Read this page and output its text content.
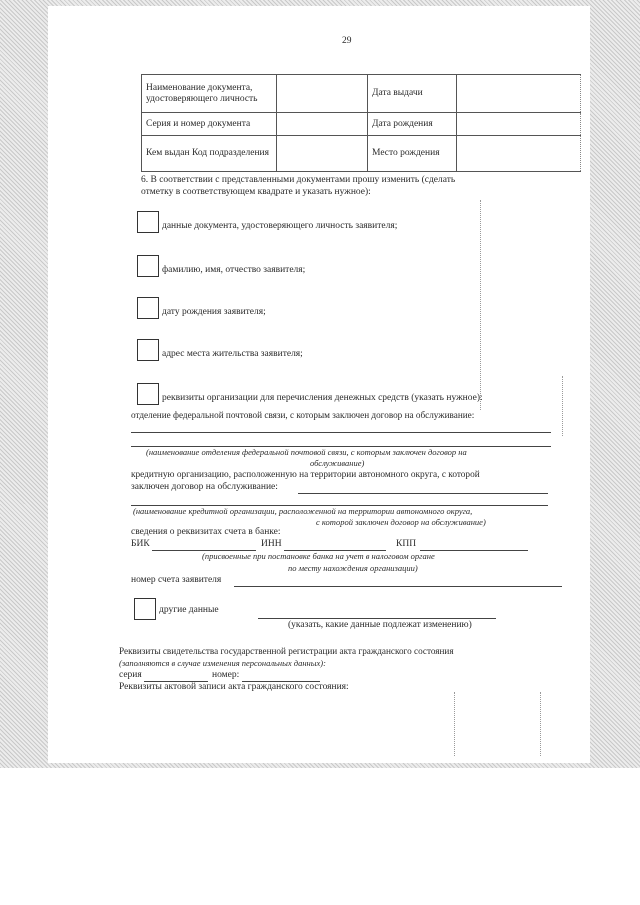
29
Наименование документа, удостоверяющего личность		Дата выдачи	
Серия и номер документа		Дата рождения	
Кем выдан Код подразделения		Место рождения	
6. В соответствии с представленными документами прошу изменить (сделать
отметку в соответствующем квадрате и указать нужное):
данные документа, удостоверяющего личность заявителя;
фамилию, имя, отчество заявителя;
дату рождения заявителя;
адрес места жительства заявителя;
реквизиты организации для перечисления денежных средств (указать нужное):
отделение федеральной почтовой связи, с которым заключен договор на обслуживание:
(наименование отделения федеральной почтовой связи, с которым заключен договор на
обслуживание)
кредитную организацию, расположенную на территории автономного округа, с которой
заключен договор на обслуживание:
(наименование кредитной организации, расположенной на территории автономного округа,
с которой заключен договор на обслуживание)
сведения о реквизитах счета в банке:
БИК	ИНН	КПП
(присвоенные при постановке банка на учет в налоговом органе
по месту нахождения организации)
номер счета заявителя
другие данные
(указать, какие данные подлежат изменению)
Реквизиты свидетельства государственной регистрации акта гражданского состояния
(заполняются в случае изменения персональных данных):
серия	номер:
Реквизиты актовой записи акта гражданского состояния:
